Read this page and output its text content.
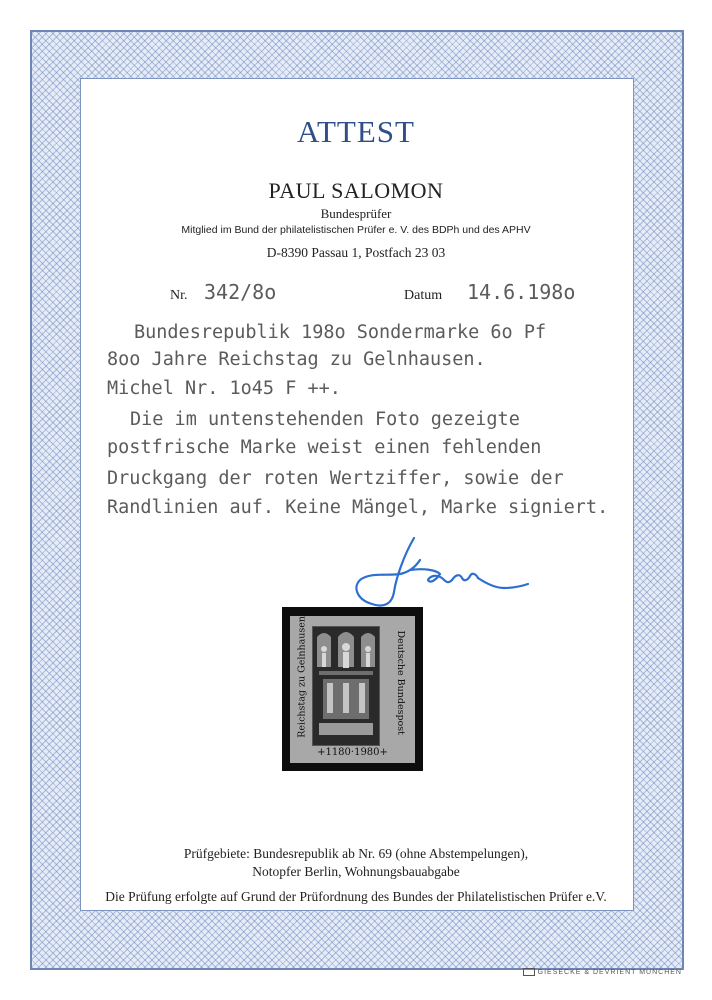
ATTEST
PAUL SALOMON
Bundesprüfer
Mitglied im Bund der philatelistischen Prüfer e. V. des BDPh und des APHV
D-8390 Passau 1, Postfach 23 03
Nr. 342/8o	Datum 14.6.198o
Bundesrepublik 198o Sondermarke 6o Pf
8oo Jahre Reichstag zu Gelnhausen.
Michel Nr. 1o45 F ++.
Die im untenstehenden Foto gezeigte
postfrische Marke weist einen fehlenden
Druckgang der roten Wertziffer, sowie der
Randlinien auf. Keine Mängel, Marke signiert.
Reichstag zu Gelnhausen	Deutsche Bundespost
+1180·1980+
Prüfgebiete: Bundesrepublik ab Nr. 69 (ohne Abstempelungen),
Notopfer Berlin, Wohnungsbauabgabe
Die Prüfung erfolgte auf Grund der Prüfordnung des Bundes der Philatelistischen Prüfer e.V.
GIESECKE & DEVRIENT MÜNCHEN
